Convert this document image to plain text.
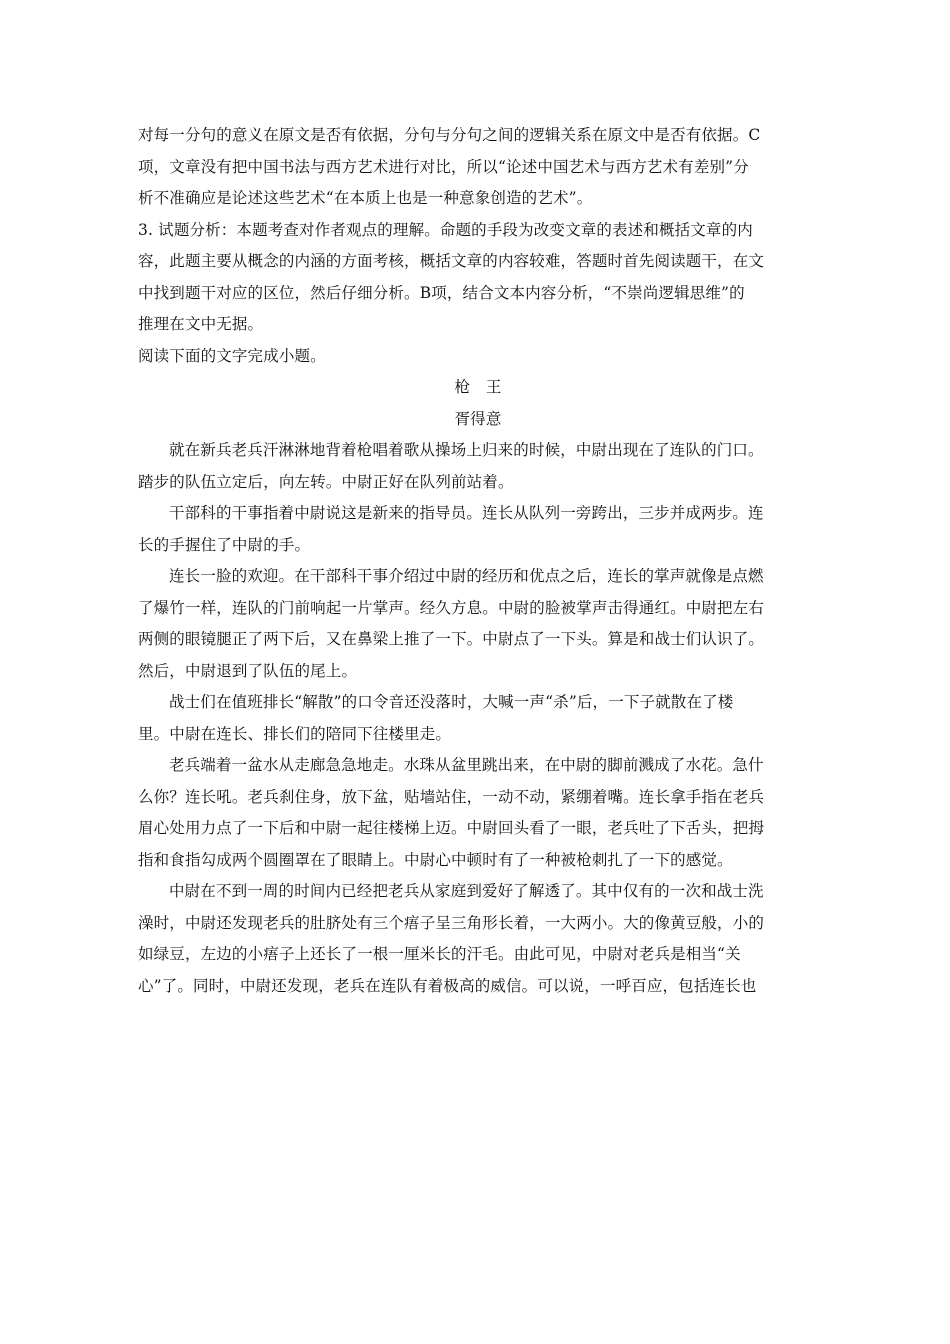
对每一分句的意义在原文是否有依据，分句与分句之间的逻辑关系在原文中是否有依据。C
项，文章没有把中国书法与西方艺术进行对比，所以“论述中国艺术与西方艺术有差别”分
析不准确应是论述这些艺术“在本质上也是一种意象创造的艺术”。
3. 试题分析：本题考查对作者观点的理解。命题的手段为改变文章的表述和概括文章的内
容，此题主要从概念的内涵的方面考核，概括文章的内容较难，答题时首先阅读题干，在文
中找到题干对应的区位，然后仔细分析。B项，结合文本内容分析，“不崇尚逻辑思维”的
推理在文中无据。
阅读下面的文字完成小题。
枪　王
胥得意
就在新兵老兵汗淋淋地背着枪唱着歌从操场上归来的时候，中尉出现在了连队的门口。
踏步的队伍立定后，向左转。中尉正好在队列前站着。
干部科的干事指着中尉说这是新来的指导员。连长从队列一旁跨出，三步并成两步。连
长的手握住了中尉的手。
连长一脸的欢迎。在干部科干事介绍过中尉的经历和优点之后，连长的掌声就像是点燃
了爆竹一样，连队的门前响起一片掌声。经久方息。中尉的脸被掌声击得通红。中尉把左右
两侧的眼镜腿正了两下后，又在鼻梁上推了一下。中尉点了一下头。算是和战士们认识了。
然后，中尉退到了队伍的尾上。
战士们在值班排长“解散”的口令音还没落时，大喊一声“杀”后，一下子就散在了楼
里。中尉在连长、排长们的陪同下往楼里走。
老兵端着一盆水从走廊急急地走。水珠从盆里跳出来，在中尉的脚前溅成了水花。急什
么你？连长吼。老兵刹住身，放下盆，贴墙站住，一动不动，紧绷着嘴。连长拿手指在老兵
眉心处用力点了一下后和中尉一起往楼梯上迈。中尉回头看了一眼，老兵吐了下舌头，把拇
指和食指勾成两个圆圈罩在了眼睛上。中尉心中顿时有了一种被枪刺扎了一下的感觉。
中尉在不到一周的时间内已经把老兵从家庭到爱好了解透了。其中仅有的一次和战士洗
澡时，中尉还发现老兵的肚脐处有三个痦子呈三角形长着，一大两小。大的像黄豆般，小的
如绿豆，左边的小痦子上还长了一根一厘米长的汗毛。由此可见，中尉对老兵是相当“关
心”了。同时，中尉还发现，老兵在连队有着极高的威信。可以说，一呼百应，包括连长也
